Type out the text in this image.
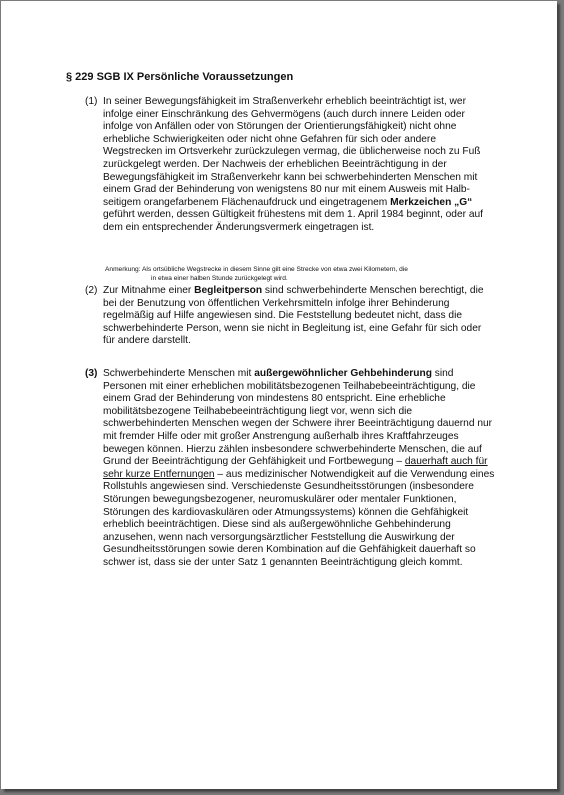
§ 229 SGB IX Persönliche Voraussetzungen
(1) In seiner Bewegungsfähigkeit im Straßenverkehr erheblich beeinträchtigt ist, wer infolge einer Einschränkung des Gehvermögens (auch durch innere Leiden oder infolge von Anfällen oder von Störungen der Orientierungsfähigkeit) nicht ohne erhebliche Schwierigkeiten oder nicht ohne Gefahren für sich oder andere Wegstrecken im Ortsverkehr zurückzulegen vermag, die üblicherweise noch zu Fuß zurückgelegt werden. Der Nachweis der erheblichen Beeinträchtigung in der Bewegungsfähigkeit im Straßenverkehr kann bei schwerbehinderten Menschen mit einem Grad der Behinderung von wenigstens 80 nur mit einem Ausweis mit Halb-seitigem orangefarbenem Flächenaufdruck und eingetragenem Merkzeichen „G“ geführt werden, dessen Gültigkeit frühestens mit dem 1. April 1984 beginnt, oder auf dem ein entsprechender Änderungsvermerk eingetragen ist.
Anmerkung: Als ortsübliche Wegstrecke in diesem Sinne gilt eine Strecke von etwa zwei Kilometern, die
in etwa einer halben Stunde zurückgelegt wird.
(2) Zur Mitnahme einer Begleitperson sind schwerbehinderte Menschen berechtigt, die bei der Benutzung von öffentlichen Verkehrsmitteln infolge ihrer Behinderung regelmäßig auf Hilfe angewiesen sind. Die Feststellung bedeutet nicht, dass die schwerbehinderte Person, wenn sie nicht in Begleitung ist, eine Gefahr für sich oder für andere darstellt.
(3) Schwerbehinderte Menschen mit außergewöhnlicher Gehbehinderung sind Personen mit einer erheblichen mobilitätsbezogenen Teilhabebeeinträchtigung, die einem Grad der Behinderung von mindestens 80 entspricht. Eine erhebliche mobilitätsbezogene Teilhabebeeinträchtigung liegt vor, wenn sich die schwerbehinderten Menschen wegen der Schwere ihrer Beeinträchtigung dauernd nur mit fremder Hilfe oder mit großer Anstrengung außerhalb ihres Kraftfahrzeuges bewegen können. Hierzu zählen insbesondere schwerbehinderte Menschen, die auf Grund der Beeinträchtigung der Gehfähigkeit und Fortbewegung – dauerhaft auch für sehr kurze Entfernungen – aus medizinischer Notwendigkeit auf die Verwendung eines Rollstuhls angewiesen sind. Verschiedenste Gesundheitsstörungen (insbesondere Störungen bewegungsbezogener, neuromuskulärer oder mentaler Funktionen, Störungen des kardiovaskulären oder Atmungssystems) können die Gehfähigkeit erheblich beeinträchtigen. Diese sind als außergewöhnliche Gehbehinderung anzusehen, wenn nach versorgungsärztlicher Feststellung die Auswirkung der Gesundheitsstörungen sowie deren Kombination auf die Gehfähigkeit dauerhaft so schwer ist, dass sie der unter Satz 1 genannten Beeinträchtigung gleich kommt.
